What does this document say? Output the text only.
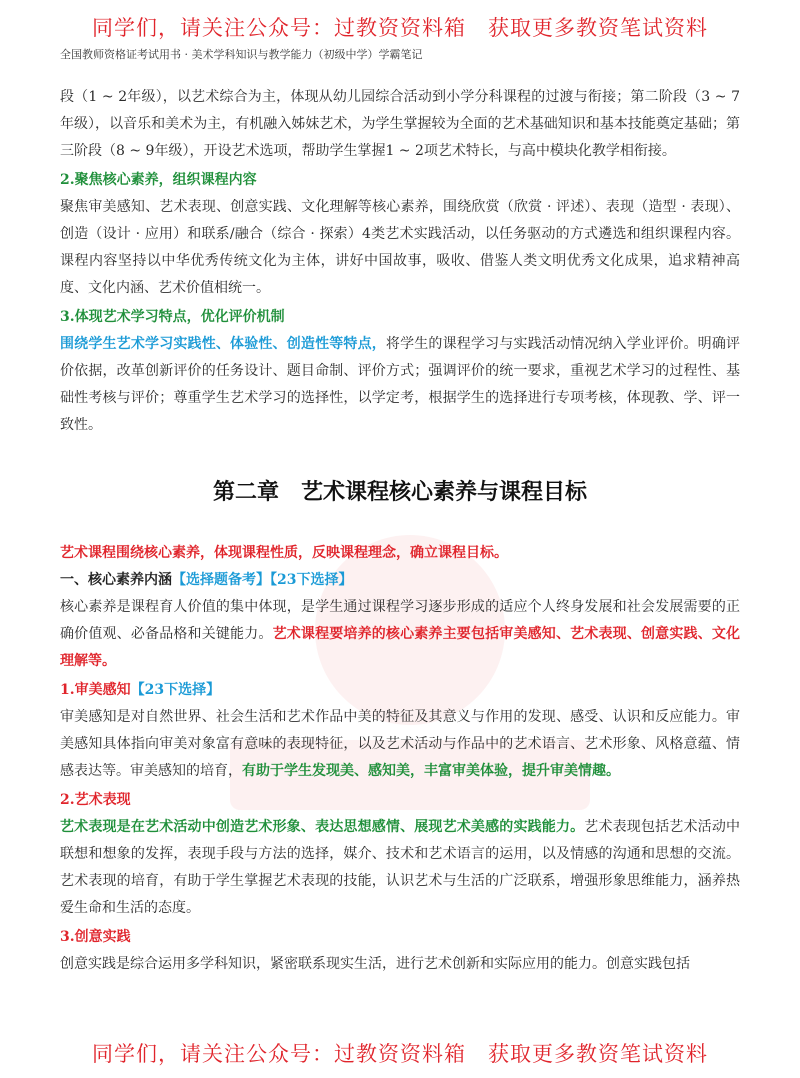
同学们，请关注公众号：过教资资料箱　获取更多教资笔试资料
全国教师资格证考试用书 · 美术学科知识与教学能力（初级中学）学霸笔记

段（1 ~ 2年级），以艺术综合为主，体现从幼儿园综合活动到小学分科课程的过渡与衔接；第二阶段（3 ~ 7年级），以音乐和美术为主，有机融入姊妹艺术，为学生掌握较为全面的艺术基础知识和基本技能奠定基础；第三阶段（8 ~ 9年级），开设艺术选项，帮助学生掌握1 ~ 2项艺术特长，与高中模块化教学相衔接。

2.聚焦核心素养，组织课程内容

聚焦审美感知、艺术表现、创意实践、文化理解等核心素养，围绕欣赏（欣赏 · 评述）、表现（造型 · 表现）、创造（设计 · 应用）和联系/融合（综合 · 探索）4类艺术实践活动，以任务驱动的方式遴选和组织课程内容。课程内容坚持以中华优秀传统文化为主体，讲好中国故事，吸收、借鉴人类文明优秀文化成果，追求精神高度、文化内涵、艺术价值相统一。

3.体现艺术学习特点，优化评价机制

围绕学生艺术学习实践性、体验性、创造性等特点，将学生的课程学习与实践活动情况纳入学业评价。明确评价依据，改革创新评价的任务设计、题目命制、评价方式；强调评价的统一要求，重视艺术学习的过程性、基础性考核与评价；尊重学生艺术学习的选择性，以学定考，根据学生的选择进行专项考核，体现教、学、评一致性。

第二章　艺术课程核心素养与课程目标

艺术课程围绕核心素养，体现课程性质，反映课程理念，确立课程目标。

一、核心素养内涵【选择题备考】【23下选择】

核心素养是课程育人价值的集中体现，是学生通过课程学习逐步形成的适应个人终身发展和社会发展需要的正确价值观、必备品格和关键能力。艺术课程要培养的核心素养主要包括审美感知、艺术表现、创意实践、文化理解等。

1.审美感知【23下选择】

审美感知是对自然世界、社会生活和艺术作品中美的特征及其意义与作用的发现、感受、认识和反应能力。审美感知具体指向审美对象富有意味的表现特征，以及艺术活动与作品中的艺术语言、艺术形象、风格意蕴、情感表达等。审美感知的培育，有助于学生发现美、感知美，丰富审美体验，提升审美情趣。

2.艺术表现

艺术表现是在艺术活动中创造艺术形象、表达思想感情、展现艺术美感的实践能力。艺术表现包括艺术活动中联想和想象的发挥，表现手段与方法的选择，媒介、技术和艺术语言的运用，以及情感的沟通和思想的交流。艺术表现的培育，有助于学生掌握艺术表现的技能，认识艺术与生活的广泛联系，增强形象思维能力，涵养热爱生命和生活的态度。

3.创意实践

创意实践是综合运用多学科知识，紧密联系现实生活，进行艺术创新和实际应用的能力。创意实践包括

同学们，请关注公众号：过教资资料箱　获取更多教资笔试资料
